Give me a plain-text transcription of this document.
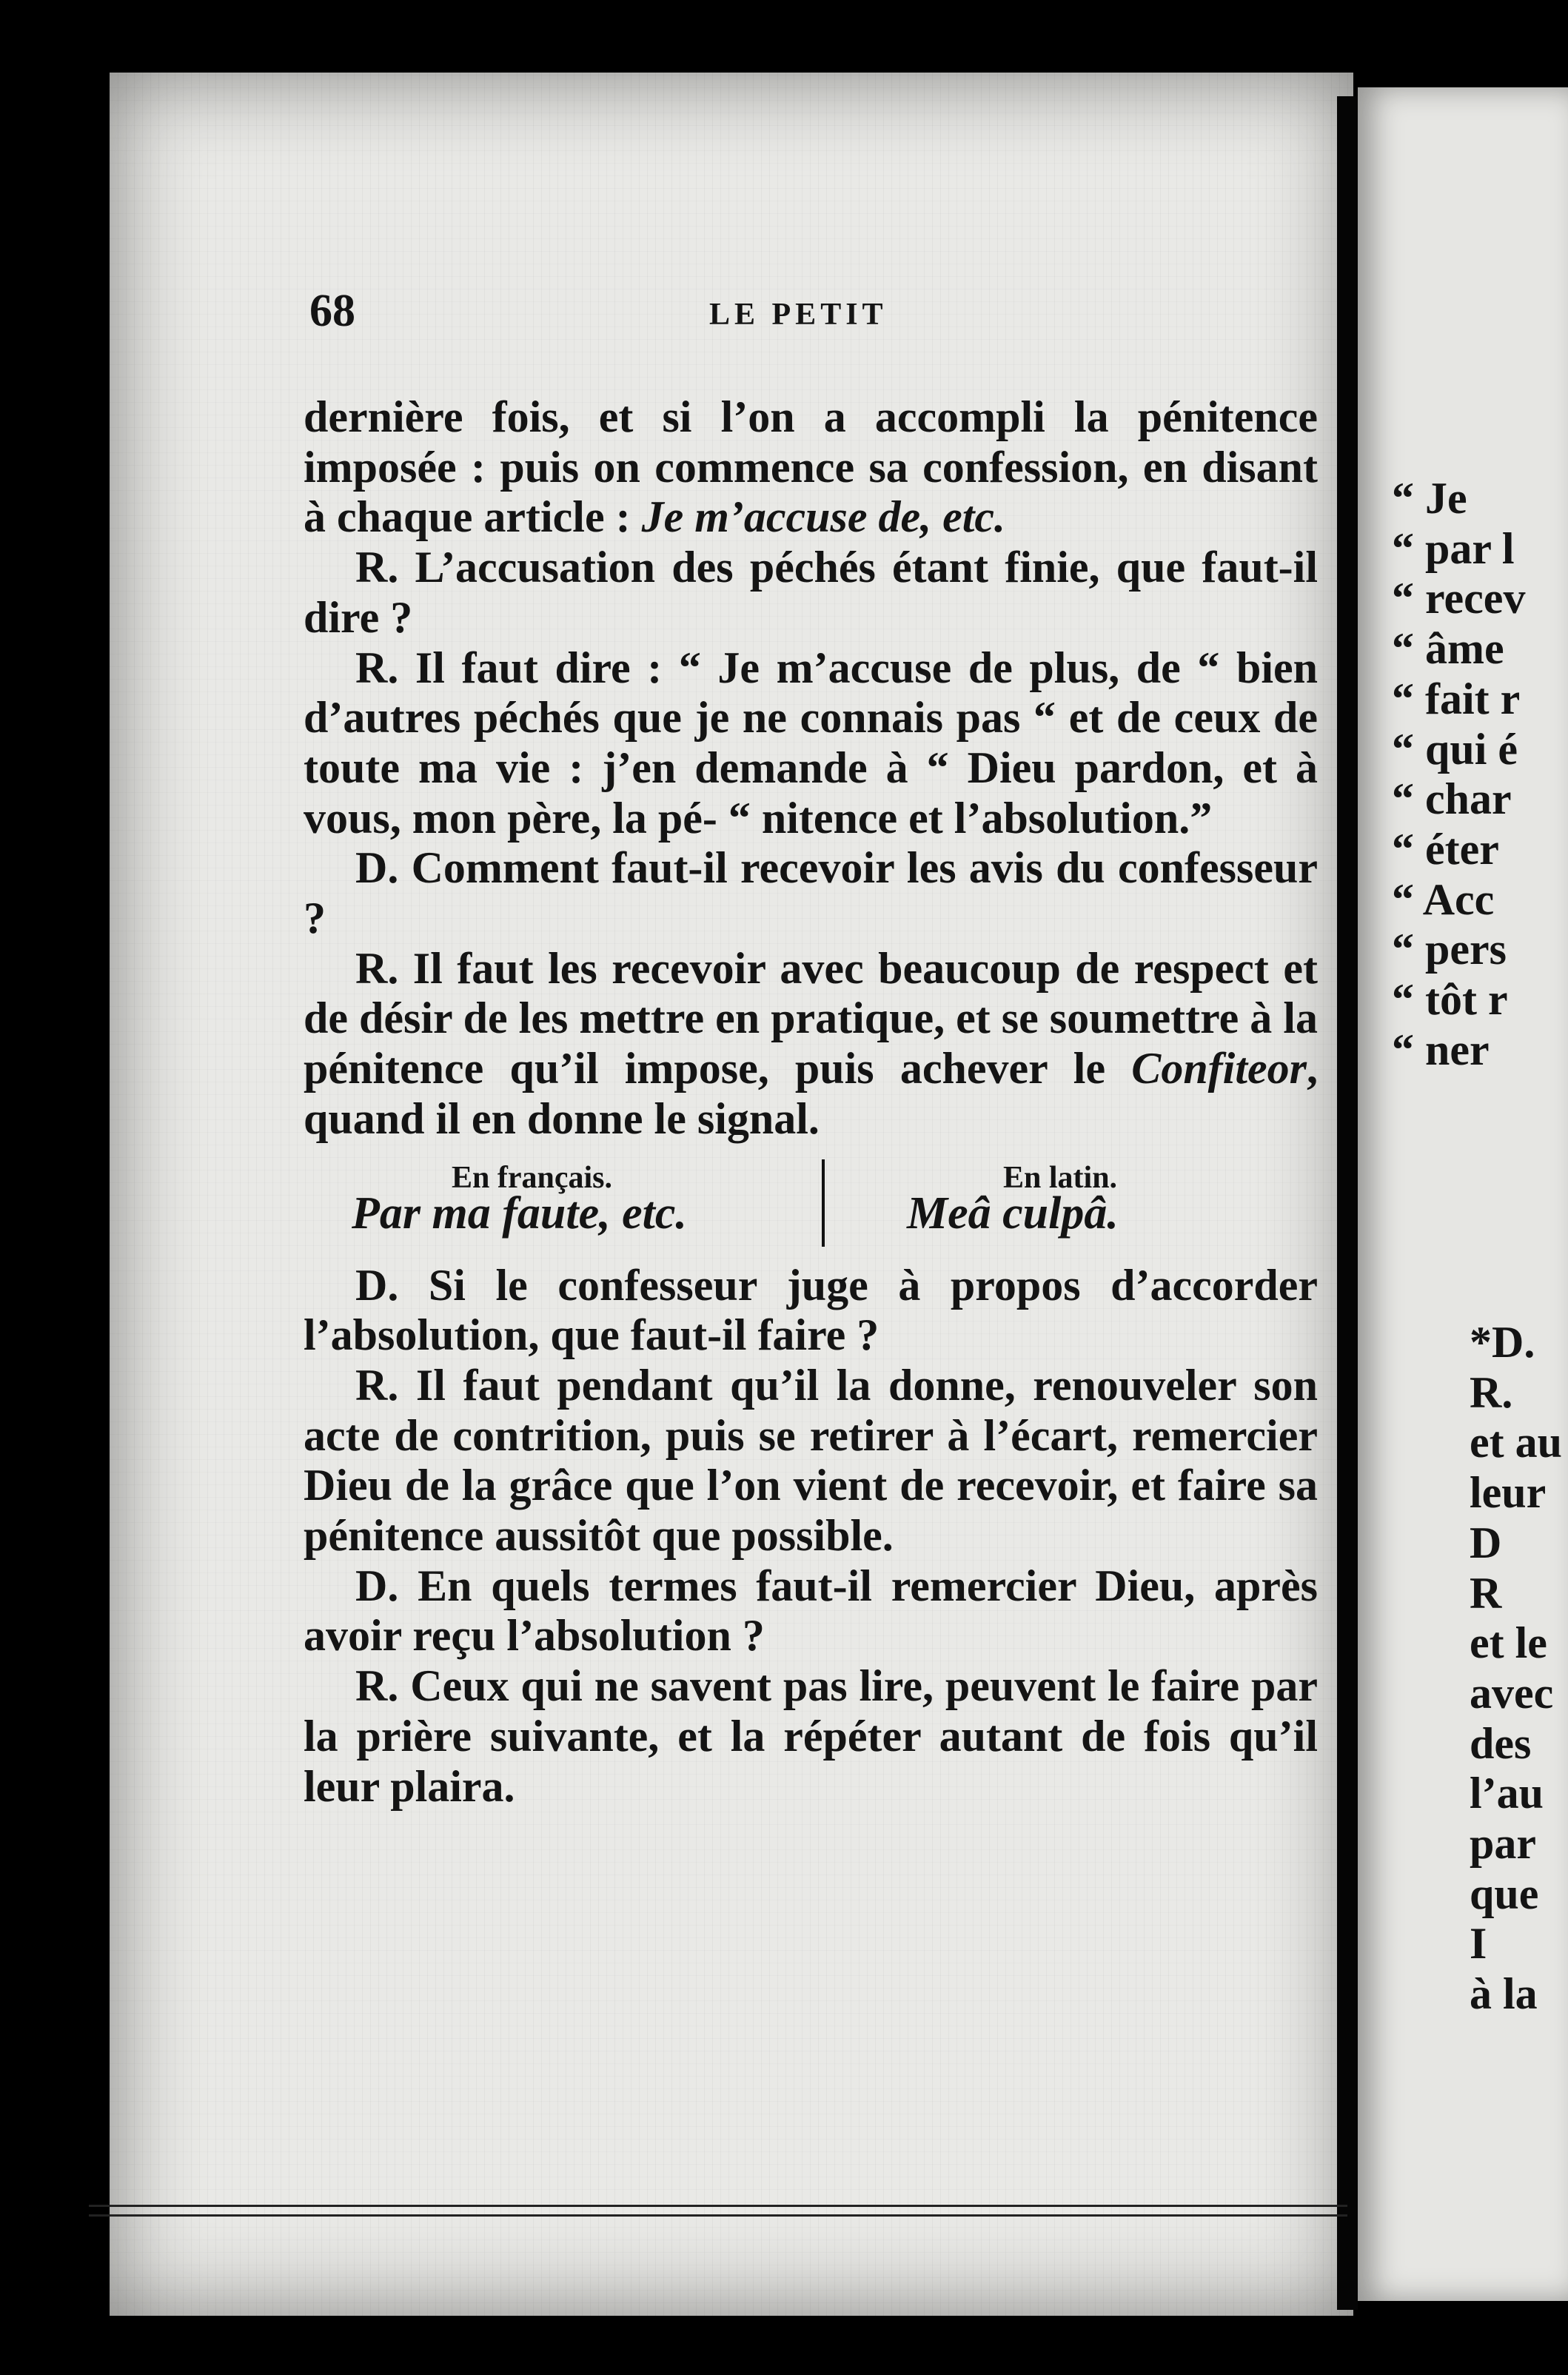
68	LE PETIT

dernière fois, et si l’on a accompli la pénitence imposée : puis on commence sa confession, en disant à chaque article : Je m’accuse de, etc.

R. L’accusation des péchés étant finie, que faut-il dire ?

R. Il faut dire : “ Je m’accuse de plus, de “ bien d’autres péchés que je ne connais pas “ et de ceux de toute ma vie : j’en demande à “ Dieu pardon, et à vous, mon père, la pé- “ nitence et l’absolution.”

D. Comment faut-il recevoir les avis du confesseur ?

R. Il faut les recevoir avec beaucoup de respect et de désir de les mettre en pratique, et se soumettre à la pénitence qu’il impose, puis achever le Confiteor, quand il en donne le signal.

En français.
Par ma faute, etc.
En latin.
Meâ culpâ.

D. Si le confesseur juge à propos d’accorder l’absolution, que faut-il faire ?

R. Il faut pendant qu’il la donne, renouveler son acte de contrition, puis se retirer à l’écart, remercier Dieu de la grâce que l’on vient de recevoir, et faire sa pénitence aussitôt que possible.

D. En quels termes faut-il remercier Dieu, après avoir reçu l’absolution ?

R. Ceux qui ne savent pas lire, peuvent le faire par la prière suivante, et la répéter autant de fois qu’il leur plaira.

“ Je
“ par l
“ recev
“ âme
“ fait r
“ qui é
“ char
“ éter
“ Acc
“ pers
“ tôt r
“ ner
*D.
R.
et au
leur
D
R
et le
avec
des
l’au
par
que
I
à la
